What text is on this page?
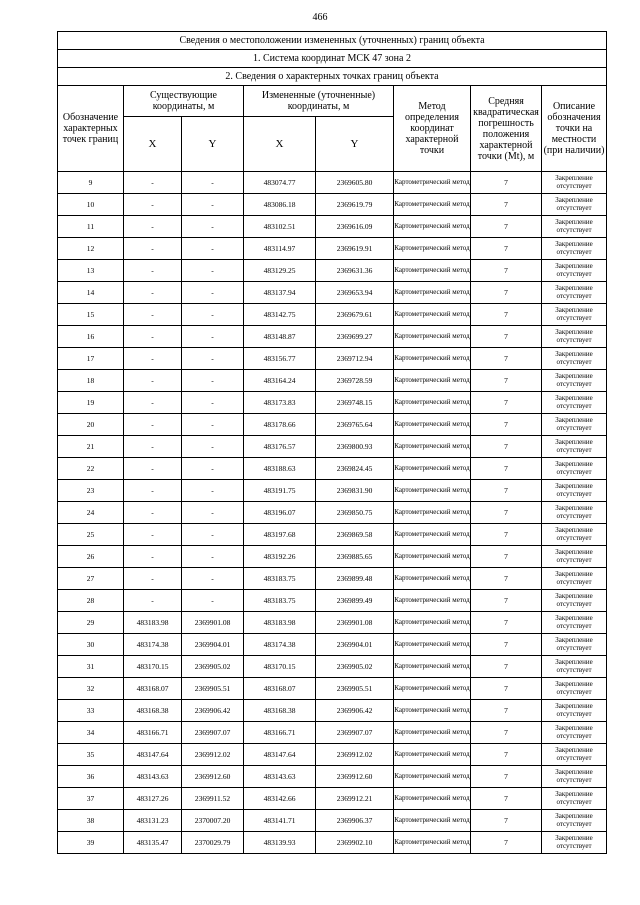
466
Сведения о местоположении измененных (уточненных) границ объекта							
1. Система координат МСК 47 зона 2							
2. Сведения о характерных точках границ объекта							
Обозначение характерных точек границ	Существующие координаты, м		Измененные (уточненные) координаты, м		Метод определения координат характерной точки	Средняя квадратическая погрешность положения характерной точки (Mt), м	Описание обозначения точки на местности (при наличии)
	X	Y	X	Y			
9	-	-	483074.77	2369605.80	Картометрический метод	7	Закрепление отсутствует
10	-	-	483086.18	2369619.79	Картометрический метод	7	Закрепление отсутствует
11	-	-	483102.51	2369616.09	Картометрический метод	7	Закрепление отсутствует
12	-	-	483114.97	2369619.91	Картометрический метод	7	Закрепление отсутствует
13	-	-	483129.25	2369631.36	Картометрический метод	7	Закрепление отсутствует
14	-	-	483137.94	2369653.94	Картометрический метод	7	Закрепление отсутствует
15	-	-	483142.75	2369679.61	Картометрический метод	7	Закрепление отсутствует
16	-	-	483148.87	2369699.27	Картометрический метод	7	Закрепление отсутствует
17	-	-	483156.77	2369712.94	Картометрический метод	7	Закрепление отсутствует
18	-	-	483164.24	2369728.59	Картометрический метод	7	Закрепление отсутствует
19	-	-	483173.83	2369748.15	Картометрический метод	7	Закрепление отсутствует
20	-	-	483178.66	2369765.64	Картометрический метод	7	Закрепление отсутствует
21	-	-	483176.57	2369800.93	Картометрический метод	7	Закрепление отсутствует
22	-	-	483188.63	2369824.45	Картометрический метод	7	Закрепление отсутствует
23	-	-	483191.75	2369831.90	Картометрический метод	7	Закрепление отсутствует
24	-	-	483196.07	2369850.75	Картометрический метод	7	Закрепление отсутствует
25	-	-	483197.68	2369869.58	Картометрический метод	7	Закрепление отсутствует
26	-	-	483192.26	2369885.65	Картометрический метод	7	Закрепление отсутствует
27	-	-	483183.75	2369899.48	Картометрический метод	7	Закрепление отсутствует
28	-	-	483183.75	2369899.49	Картометрический метод	7	Закрепление отсутствует
29	483183.98	2369901.08	483183.98	2369901.08	Картометрический метод	7	Закрепление отсутствует
30	483174.38	2369904.01	483174.38	2369904.01	Картометрический метод	7	Закрепление отсутствует
31	483170.15	2369905.02	483170.15	2369905.02	Картометрический метод	7	Закрепление отсутствует
32	483168.07	2369905.51	483168.07	2369905.51	Картометрический метод	7	Закрепление отсутствует
33	483168.38	2369906.42	483168.38	2369906.42	Картометрический метод	7	Закрепление отсутствует
34	483166.71	2369907.07	483166.71	2369907.07	Картометрический метод	7	Закрепление отсутствует
35	483147.64	2369912.02	483147.64	2369912.02	Картометрический метод	7	Закрепление отсутствует
36	483143.63	2369912.60	483143.63	2369912.60	Картометрический метод	7	Закрепление отсутствует
37	483127.26	2369911.52	483142.66	2369912.21	Картометрический метод	7	Закрепление отсутствует
38	483131.23	2370007.20	483141.71	2369906.37	Картометрический метод	7	Закрепление отсутствует
39	483135.47	2370029.79	483139.93	2369902.10	Картометрический метод	7	Закрепление отсутствует
